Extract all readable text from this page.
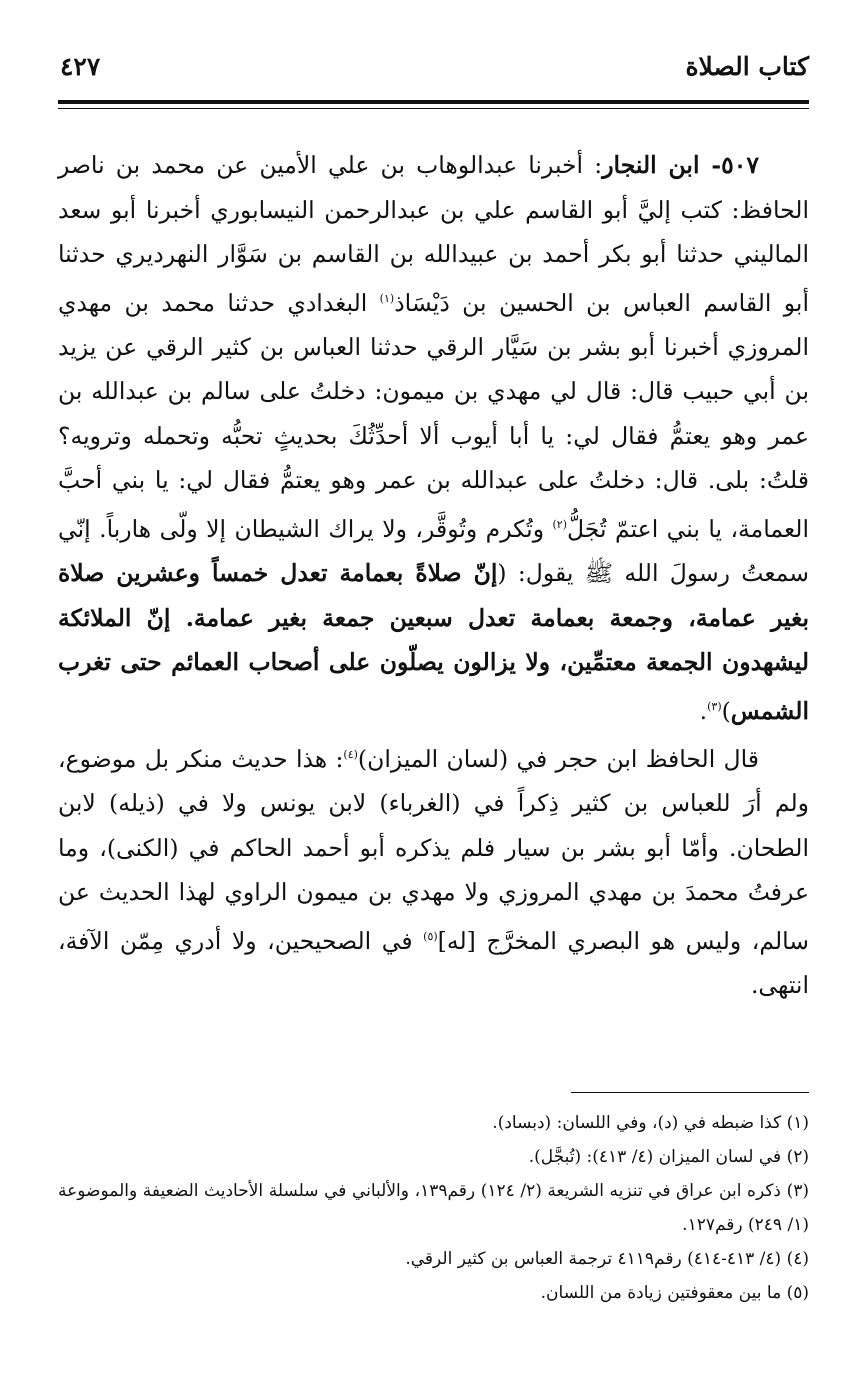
كتاب الصلاة
٤٢٧

٥٠٧- ابن النجار: أخبرنا عبدالوهاب بن علي الأمين عن محمد بن ناصر الحافظ: كتب إليَّ أبو القاسم علي بن عبدالرحمن النيسابوري أخبرنا أبو سعد الماليني حدثنا أبو بكر أحمد بن عبيدالله بن القاسم بن سَوَّار النهرديري حدثنا أبو القاسم العباس بن الحسين بن دَيْسَاذ$^{(١)}$ البغدادي حدثنا محمد بن مهدي المروزي أخبرنا أبو بشر بن سَيَّار الرقي حدثنا العباس بن كثير الرقي عن يزيد بن أبي حبيب قال: قال لي مهدي بن ميمون: دخلتُ على سالم بن عبدالله بن عمر وهو يعتمُّ فقال لي: يا أبا أيوب ألا أحدِّثُكَ بحديثٍ تحبُّه وتحمله وترويه؟ قلتُ: بلى. قال: دخلتُ على عبدالله بن عمر وهو يعتمُّ فقال لي: يا بني أحبَّ العمامة، يا بني اعتمّ تُجَلُّ$^{(٢)}$ وتُكرم وتُوقَّر، ولا يراك الشيطان إلا ولّى هارباً. إنّي سمعتُ رسولَ الله ﷺ يقول: (إنّ صلاةً بعمامة تعدل خمساً وعشرين صلاة بغير عمامة، وجمعة بعمامة تعدل سبعين جمعة بغير عمامة. إنّ الملائكة ليشهدون الجمعة معتمِّين، ولا يزالون يصلّون على أصحاب العمائم حتى تغرب الشمس)$^{(٣)}$.

قال الحافظ ابن حجر في (لسان الميزان)$^{(٤)}$: هذا حديث منكر بل موضوع، ولم أرَ للعباس بن كثير ذِكراً في (الغرباء) لابن يونس ولا في (ذيله) لابن الطحان. وأمّا أبو بشر بن سيار فلم يذكره أبو أحمد الحاكم في (الكنى)، وما عرفتُ محمدَ بن مهدي المروزي ولا مهدي بن ميمون الراوي لهذا الحديث عن سالم، وليس هو البصري المخرَّج [له]$^{(٥)}$ في الصحيحين، ولا أدري مِمّن الآفة، انتهى.

(١) كذا ضبطه في (د)، وفي اللسان: (دبساد).

(٢) في لسان الميزان (٤/ ٤١٣): (تُبجَّل).

(٣) ذكره ابن عراق في تنزيه الشريعة (٢/ ١٢٤) رقم١٣٩، والألباني في سلسلة الأحاديث الضعيفة والموضوعة (١/ ٢٤٩) رقم١٢٧.

(٤) (٤/ ٤١٣-٤١٤) رقم٤١١٩ ترجمة العباس بن كثير الرقي.

(٥) ما بين معقوفتين زيادة من اللسان.
